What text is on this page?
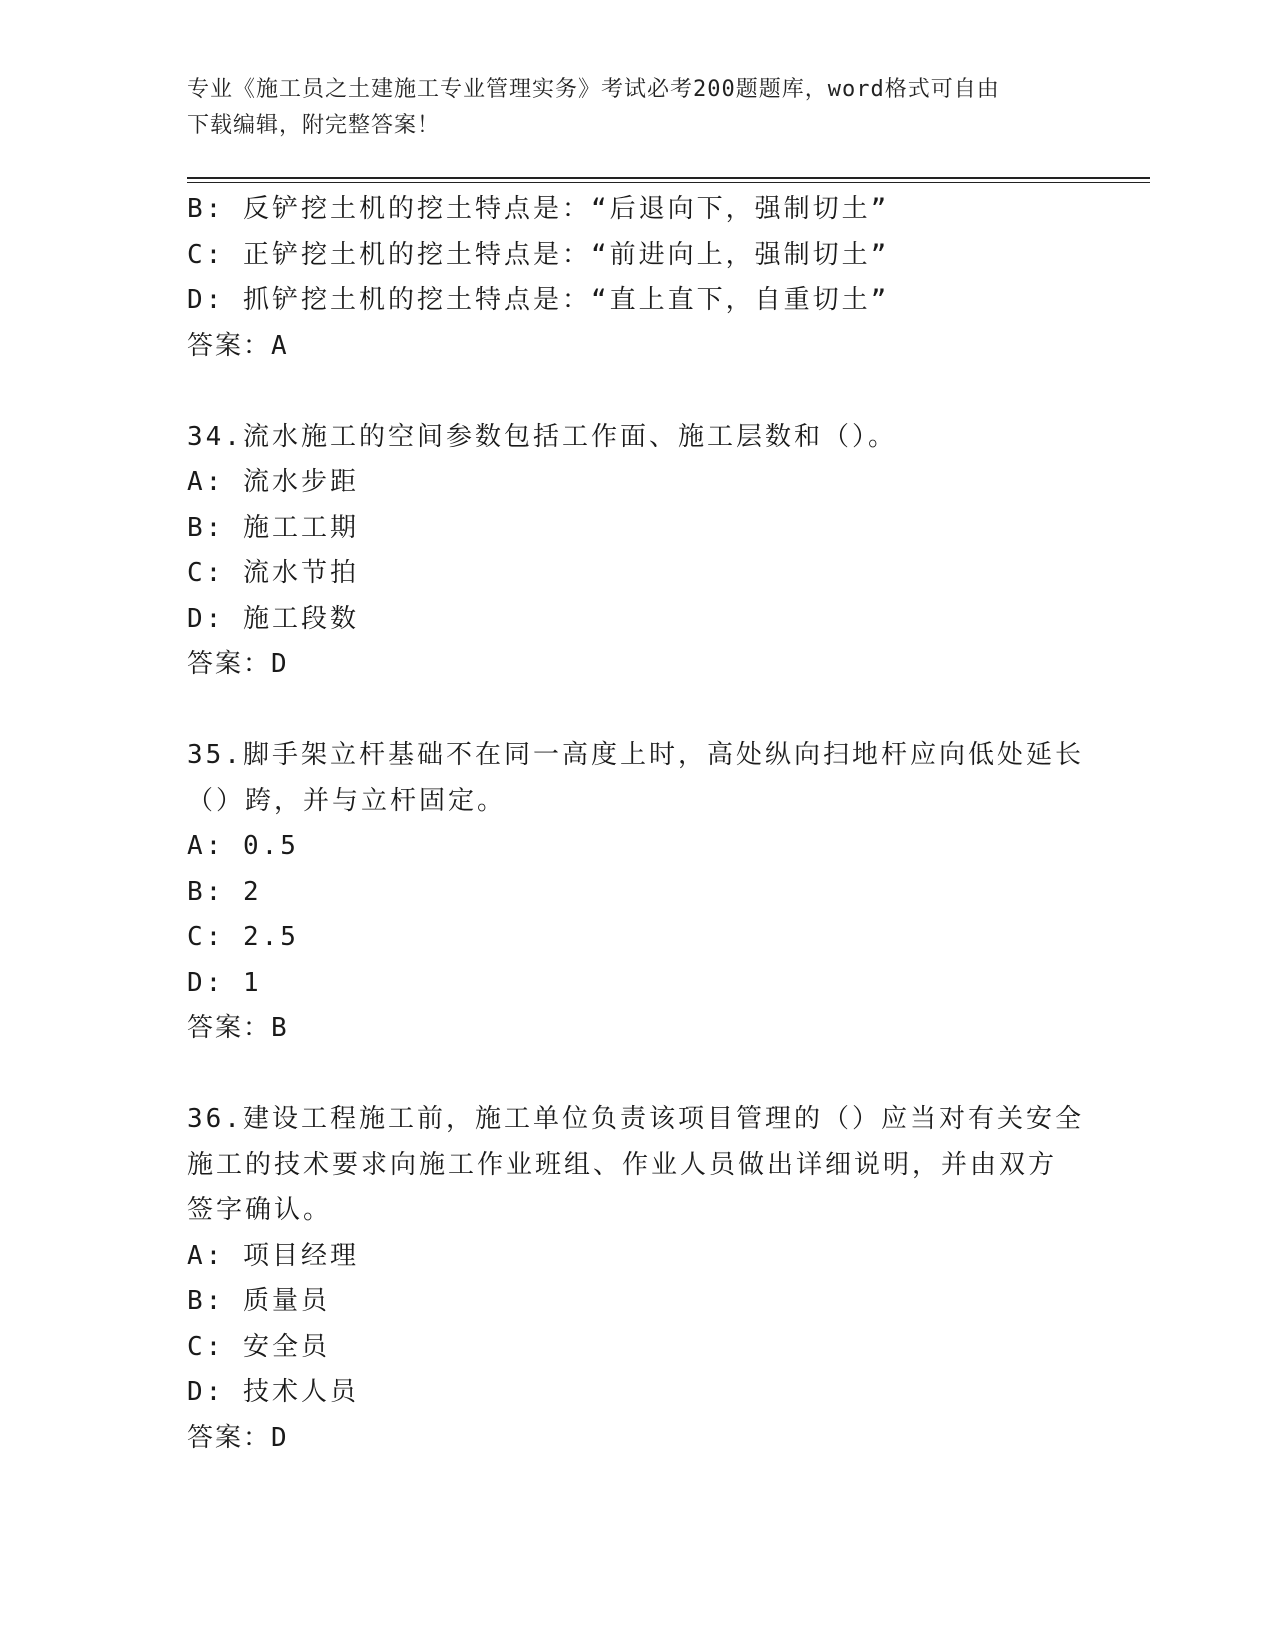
专业《施工员之土建施工专业管理实务》考试必考200题题库，word格式可自由
下载编辑，附完整答案！
B: 反铲挖土机的挖土特点是：“后退向下，强制切土”
C: 正铲挖土机的挖土特点是：“前进向上，强制切土”
D: 抓铲挖土机的挖土特点是：“直上直下，自重切土”
答案：A
34.流水施工的空间参数包括工作面、施工层数和（）。
A: 流水步距
B: 施工工期
C: 流水节拍
D: 施工段数
答案：D
35.脚手架立杆基础不在同一高度上时，高处纵向扫地杆应向低处延长
（）跨，并与立杆固定。
A: 0.5
B: 2
C: 2.5
D: 1
答案：B
36.建设工程施工前，施工单位负责该项目管理的（）应当对有关安全
施工的技术要求向施工作业班组、作业人员做出详细说明，并由双方
签字确认。
A: 项目经理
B: 质量员
C: 安全员
D: 技术人员
答案：D
